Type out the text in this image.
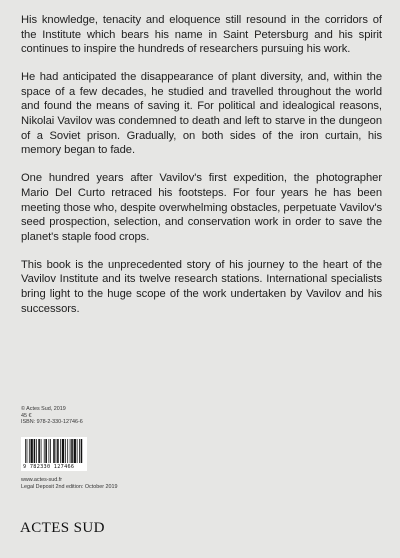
His knowledge, tenacity and eloquence still resound in the corridors of the Institute which bears his name in Saint Petersburg and his spirit continues to inspire the hundreds of researchers pursuing his work.

He had anticipated the disappearance of plant diversity, and, within the space of a few decades, he studied and travelled throughout the world and found the means of saving it. For political and idealogical reasons, Nikolai Vavilov was condemned to death and left to starve in the dungeon of a Soviet prison. Gradually, on both sides of the iron curtain, his memory began to fade.

One hundred years after Vavilov's first expedition, the photographer Mario Del Curto retraced his footsteps. For four years he has been meeting those who, despite overwhelming obstacles, perpetuate Vavilov's seed prospection, selection, and conservation work in order to save the planet's staple food crops.

This book is the unprecedented story of his journey to the heart of the Vavilov Institute and its twelve research stations. International specialists bring light to the huge scope of the work undertaken by Vavilov and his successors.

© Actes Sud, 2019
45 €
ISBN: 978-2-330-12746-6
9 782330 127466
www.actes-sud.fr
Legal Deposit 2nd edition: October 2019
ACTES SUD
